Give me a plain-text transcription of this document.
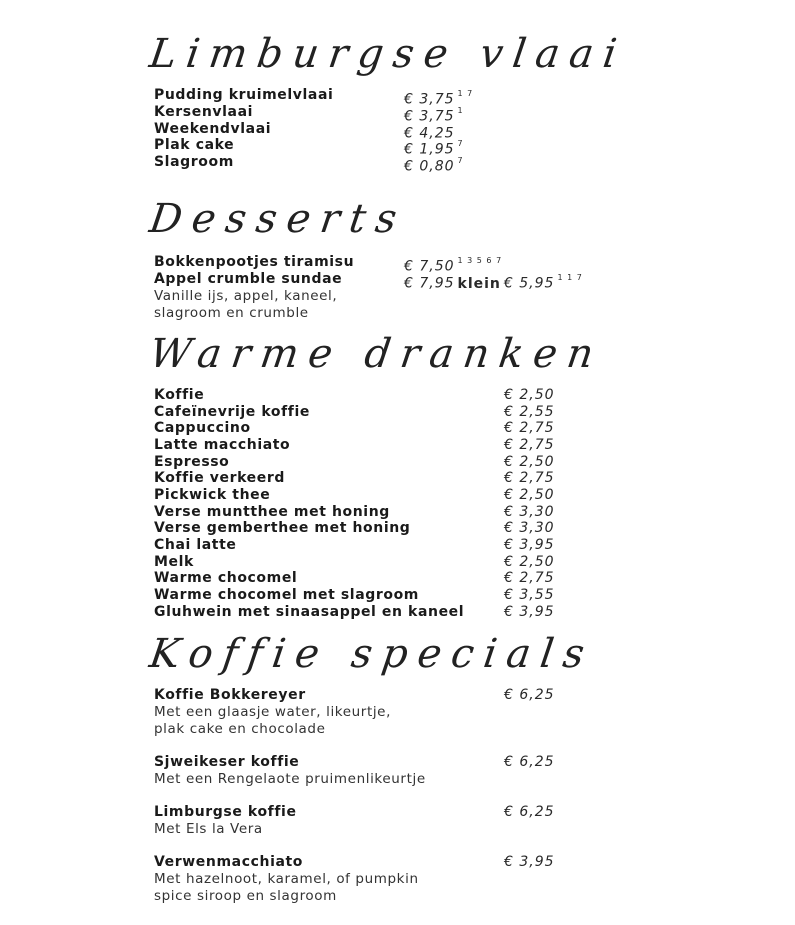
Limburgse vlaai
Pudding kruimelvlaai	€ 3,75 $^{1 7}$
Kersenvlaai	€ 3,75 $^1$
Weekendvlaai	€ 4,25
Plak cake	€ 1,95 $^7$
Slagroom	€ 0,80 $^7$
Desserts
Bokkenpootjes tiramisu	€ 7,50 $^{1 3 5 6 7}$
Appel crumble sundae	€ 7,95 klein € 5,95 $^{1 1 7}$
Vanille ijs, appel, kaneel,
slagroom en crumble
Warme dranken
Koffie	€ 2,50
Cafeïnevrije koffie	€ 2,55
Cappuccino	€ 2,75
Latte macchiato	€ 2,75
Espresso	€ 2,50
Koffie verkeerd	€ 2,75
Pickwick thee	€ 2,50
Verse muntthee met honing	€ 3,30
Verse gemberthee met honing	€ 3,30
Chai latte	€ 3,95
Melk	€ 2,50
Warme chocomel	€ 2,75
Warme chocomel met slagroom	€ 3,55
Gluhwein met sinaasappel en kaneel	€ 3,95
Koffie specials
Koffie Bokkereyer	€ 6,25
Met een glaasje water, likeurtje,
plak cake en chocolade
Sjweikeser koffie	€ 6,25
Met een Rengelaote pruimenlikeurtje
Limburgse koffie	€ 6,25
Met Els la Vera
Verwenmacchiato	€ 3,95
Met hazelnoot, karamel, of pumpkin
spice siroop en slagroom
